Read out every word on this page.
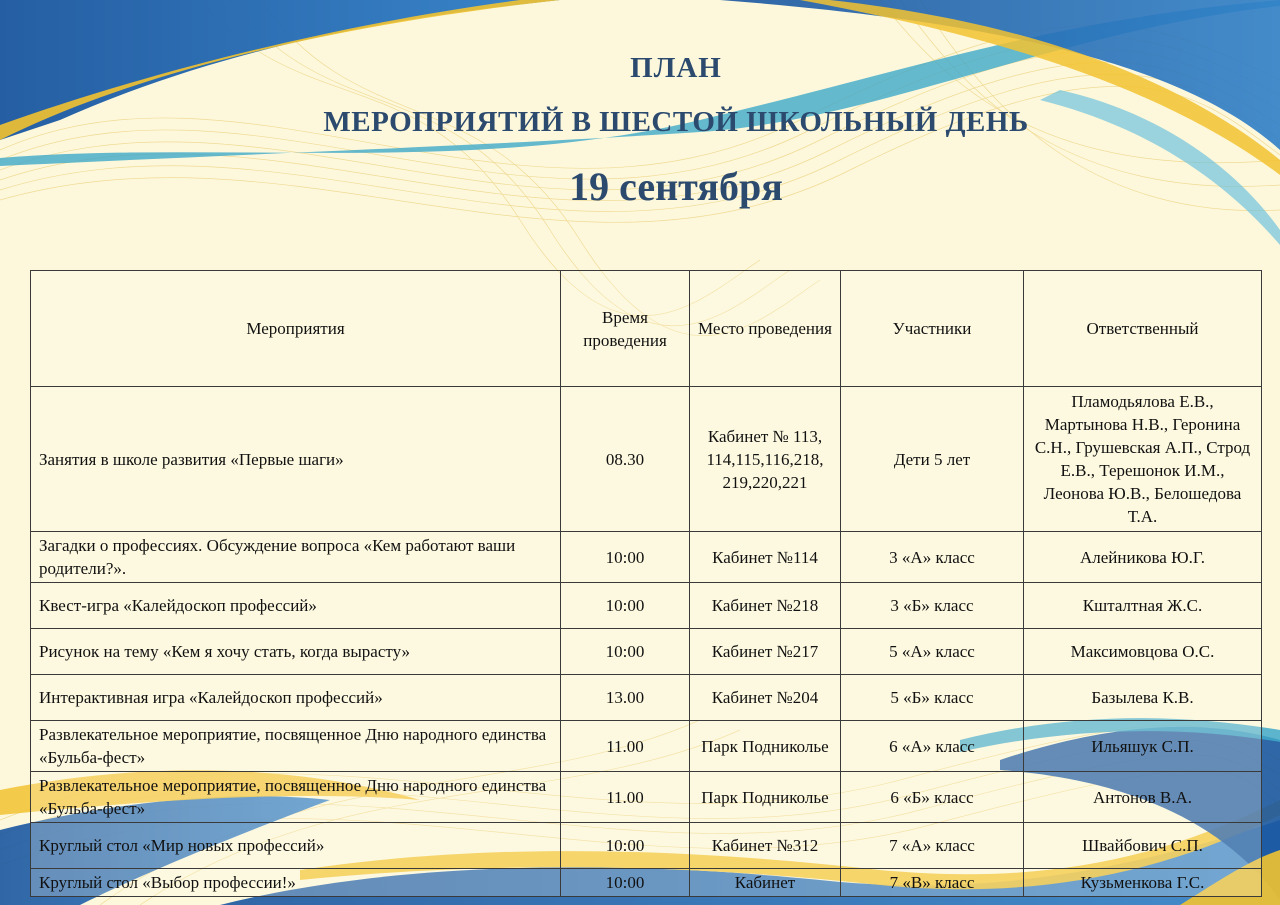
ПЛАН
МЕРОПРИЯТИЙ В ШЕСТОЙ ШКОЛЬНЫЙ ДЕНЬ
19 сентября
Мероприятия	Время проведения	Место проведения	Участники	Ответственный
Занятия в школе развития «Первые шаги»	08.30	Кабинет № 113, 114,115,116,218, 219,220,221	Дети 5 лет	Пламодьялова Е.В., Мартынова Н.В., Геронина С.Н., Грушевская А.П., Строд Е.В., Терешонок И.М., Леонова Ю.В., Белошедова Т.А.
Загадки о профессиях. Обсуждение вопроса «Кем работают ваши родители?».	10:00	Кабинет №114	3 «А» класс	Алейникова Ю.Г.
Квест-игра «Калейдоскоп профессий»	10:00	Кабинет №218	3 «Б» класс	Кшталтная Ж.С.
Рисунок на тему «Кем я хочу стать, когда вырасту»	10:00	Кабинет №217	5 «А» класс	Максимовцова О.С.
Интерактивная игра «Калейдоскоп профессий»	13.00	Кабинет №204	5 «Б» класс	Базылева К.В.
Развлекательное мероприятие, посвященное Дню народного единства «Бульба-фест»	11.00	Парк Подниколье	6 «А» класс	Ильяшук С.П.
Развлекательное мероприятие, посвященное Дню народного единства «Бульба-фест»	11.00	Парк Подниколье	6 «Б» класс	Антонов В.А.
Круглый стол «Мир новых профессий»	10:00	Кабинет №312	7 «А» класс	Швайбович С.П.
Круглый стол «Выбор профессии!»	10:00	Кабинет	7 «В» класс	Кузьменкова Г.С.
